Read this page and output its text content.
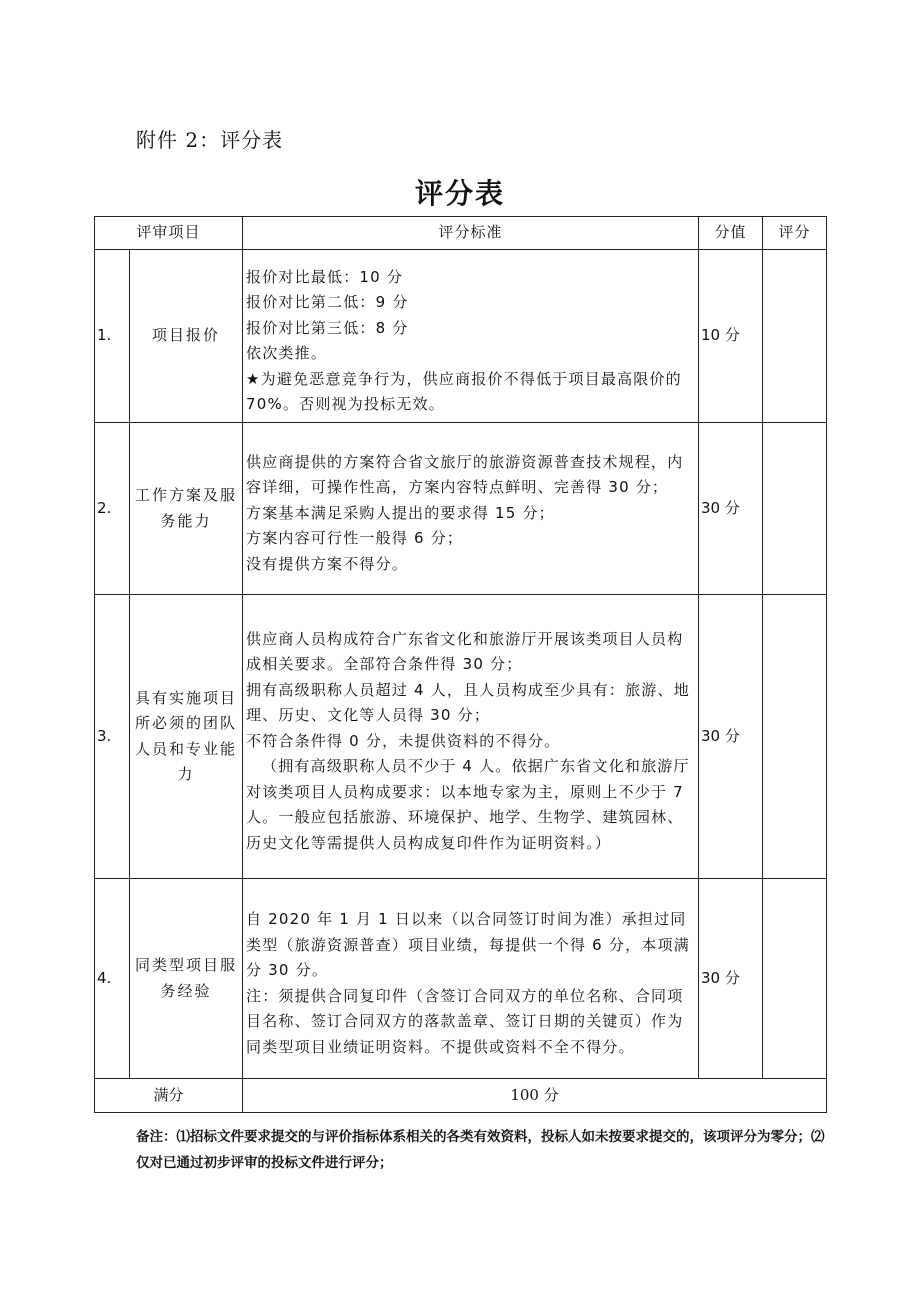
附件 2：评分表
评分表
评审项目		评分标准	分值	评分
1.	项目报价	报价对比最低：10 分
报价对比第二低：9 分
报价对比第三低：8 分
依次类推。
★为避免恶意竞争行为，供应商报价不得低于项目最高限价的 70%。否则视为投标无效。	10 分	
2.	工作方案及服务能力	供应商提供的方案符合省文旅厅的旅游资源普查技术规程，内容详细，可操作性高，方案内容特点鲜明、完善得 30 分；
方案基本满足采购人提出的要求得 15 分；
方案内容可行性一般得 6 分；
没有提供方案不得分。	30 分	
3.	具有实施项目所必须的团队人员和专业能力	供应商人员构成符合广东省文化和旅游厅开展该类项目人员构成相关要求。全部符合条件得 30 分；
拥有高级职称人员超过 4 人，且人员构成至少具有：旅游、地理、历史、文化等人员得 30 分；
不符合条件得 0 分，未提供资料的不得分。
（拥有高级职称人员不少于 4 人。依据广东省文化和旅游厅对该类项目人员构成要求：以本地专家为主，原则上不少于 7 人。一般应包括旅游、环境保护、地学、生物学、建筑园林、历史文化等需提供人员构成复印件作为证明资料。）	30 分	
4.	同类型项目服务经验	自 2020 年 1 月 1 日以来（以合同签订时间为准）承担过同类型（旅游资源普查）项目业绩，每提供一个得 6 分，本项满分 30 分。
注：须提供合同复印件（含签订合同双方的单位名称、合同项目名称、签订合同双方的落款盖章、签订日期的关键页）作为同类型项目业绩证明资料。不提供或资料不全不得分。	30 分	
满分		100 分		
备注：⑴招标文件要求提交的与评价指标体系相关的各类有效资料，投标人如未按要求提交的，该项评分为零分；⑵仅对已通过初步评审的投标文件进行评分；
